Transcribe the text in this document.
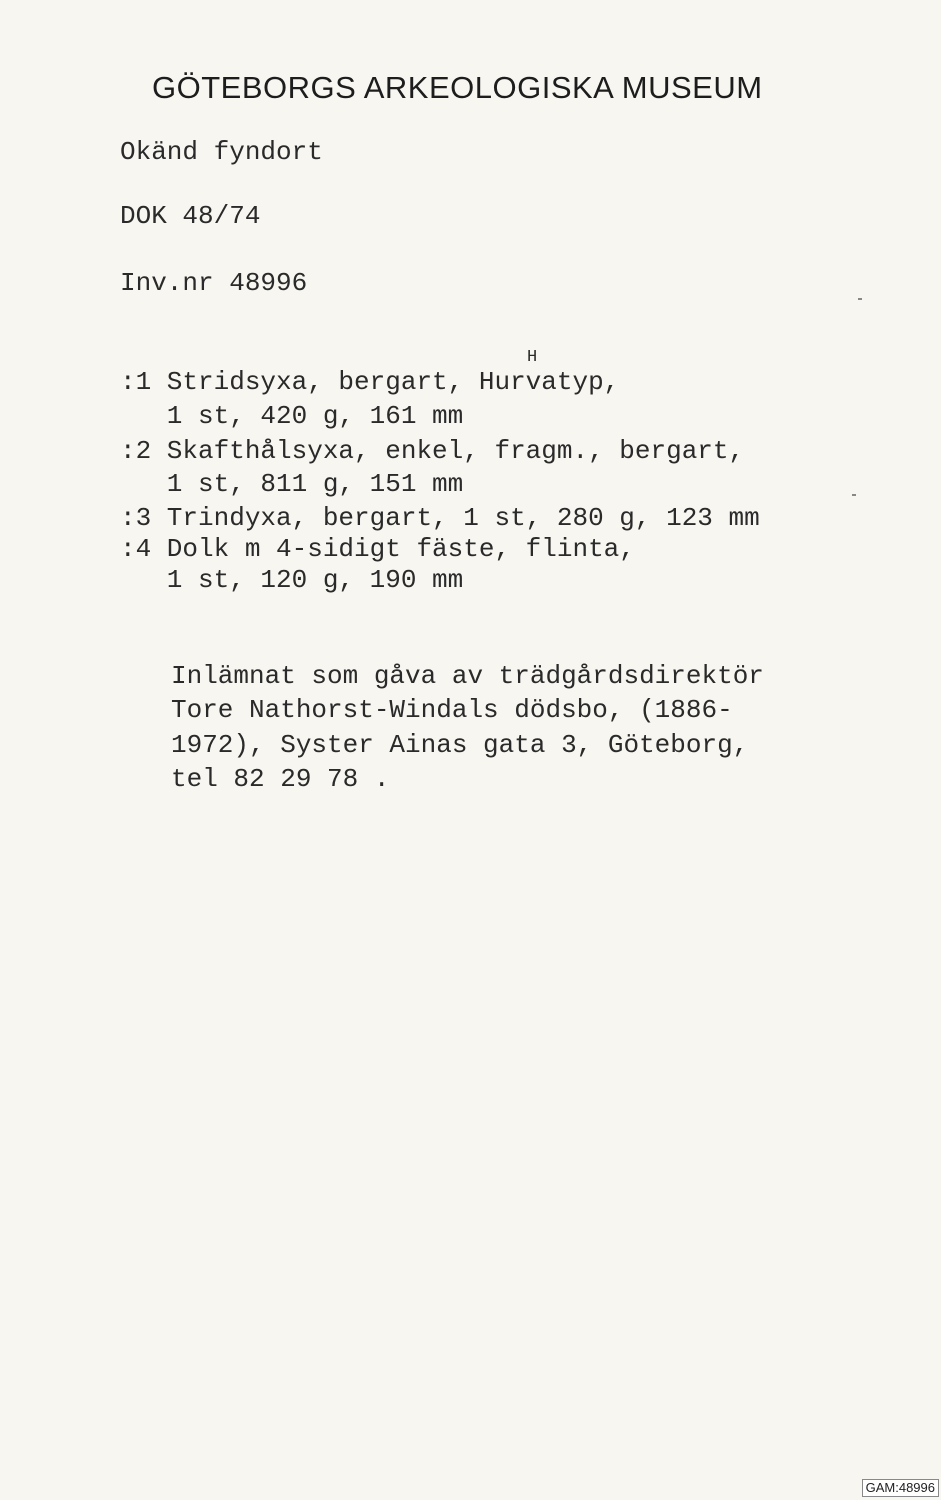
GÖTEBORGS ARKEOLOGISKA MUSEUM
Okänd fyndort
DOK 48/74
Inv.nr 48996
H
:1 Stridsyxa, bergart, Hurvatyp,
1 st, 420 g, 161 mm
:2 Skafthålsyxa, enkel, fragm., bergart,
1 st, 811 g, 151 mm
:3 Trindyxa, bergart, 1 st, 280 g, 123 mm
:4 Dolk m 4-sidigt fäste, flinta,
1 st, 120 g, 190 mm
Inlämnat som gåva av trädgårdsdirektör
Tore Nathorst-Windals dödsbo, (1886-
1972), Syster Ainas gata 3, Göteborg,
tel 82 29 78 .
GAM:48996
